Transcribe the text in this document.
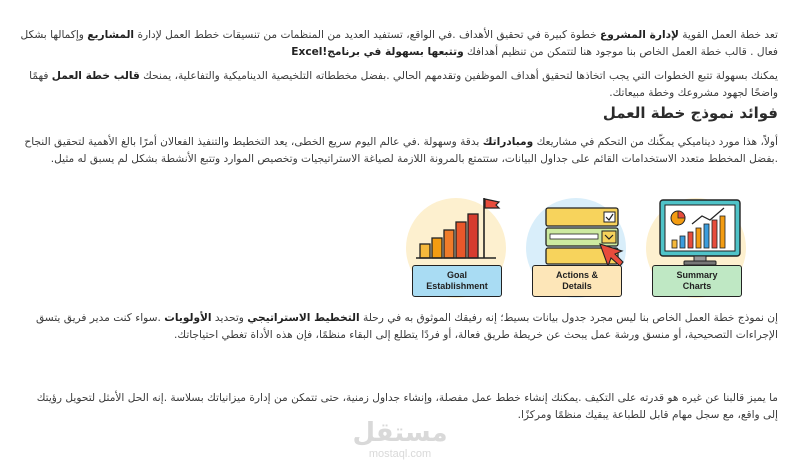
تعد خطة العمل القوية لإدارة المشروع خطوة كبيرة في تحقيق الأهداف .في الواقع، تستفيد العديد من المنظمات من تنسيقات خطط العمل لإدارة المشاريع وإكمالها بشكل فعال . قالب خطة العمل الخاص بنا موجود هنا لتتمكن من تنظيم أهدافك وتتبعها بسهولة في برنامج!Excel

يمكنك بسهولة تتبع الخطوات التي يجب اتخاذها لتحقيق أهداف الموظفين وتقدمهم الحالي .بفضل مخططاته التلخيصية الديناميكية والتفاعلية، يمنحك قالب خطة العمل فهمًا واضحًا لجهود مشروعك وخطة مبيعاتك.

فوائد نموذج خطة العمل

أولاً، هذا مورد ديناميكي يمكّنك من التحكم في مشاريعك ومبادراتك بدقة وسهولة .في عالم اليوم سريع الخطى، يعد التخطيط والتنفيذ الفعالان أمرًا بالغ الأهمية لتحقيق النجاح .بفضل المخطط متعدد الاستخدامات القائم على جداول البيانات، ستتمتع بالمرونة اللازمة لصياغة الاستراتيجيات وتخصيص الموارد وتتبع الأنشطة بشكل لم يسبق له مثيل.

Goal
Establishment
Actions &
Details
Summary
Charts

إن نموذج خطة العمل الخاص بنا ليس مجرد جدول بيانات بسيط؛ إنه رفيقك الموثوق به في رحلة التخطيط الاستراتيجي وتحديد الأولويات .سواء كنت مدير فريق يتسق الإجراءات التصحيحية، أو منسق ورشة عمل يبحث عن خريطة طريق فعالة، أو فردًا يتطلع إلى البقاء منظمًا، فإن هذه الأداة تغطي احتياجاتك.

ما يميز قالبنا عن غيره هو قدرته على التكيف .يمكنك إنشاء خطط عمل مفصلة، وإنشاء جداول زمنية، حتى تتمكن من إدارة ميزانياتك بسلاسة .إنه الحل الأمثل لتحويل رؤيتك إلى واقع، مع سجل مهام قابل للطباعة يبقيك منظمًا ومركزًا.

مستقل
mostaql.com
